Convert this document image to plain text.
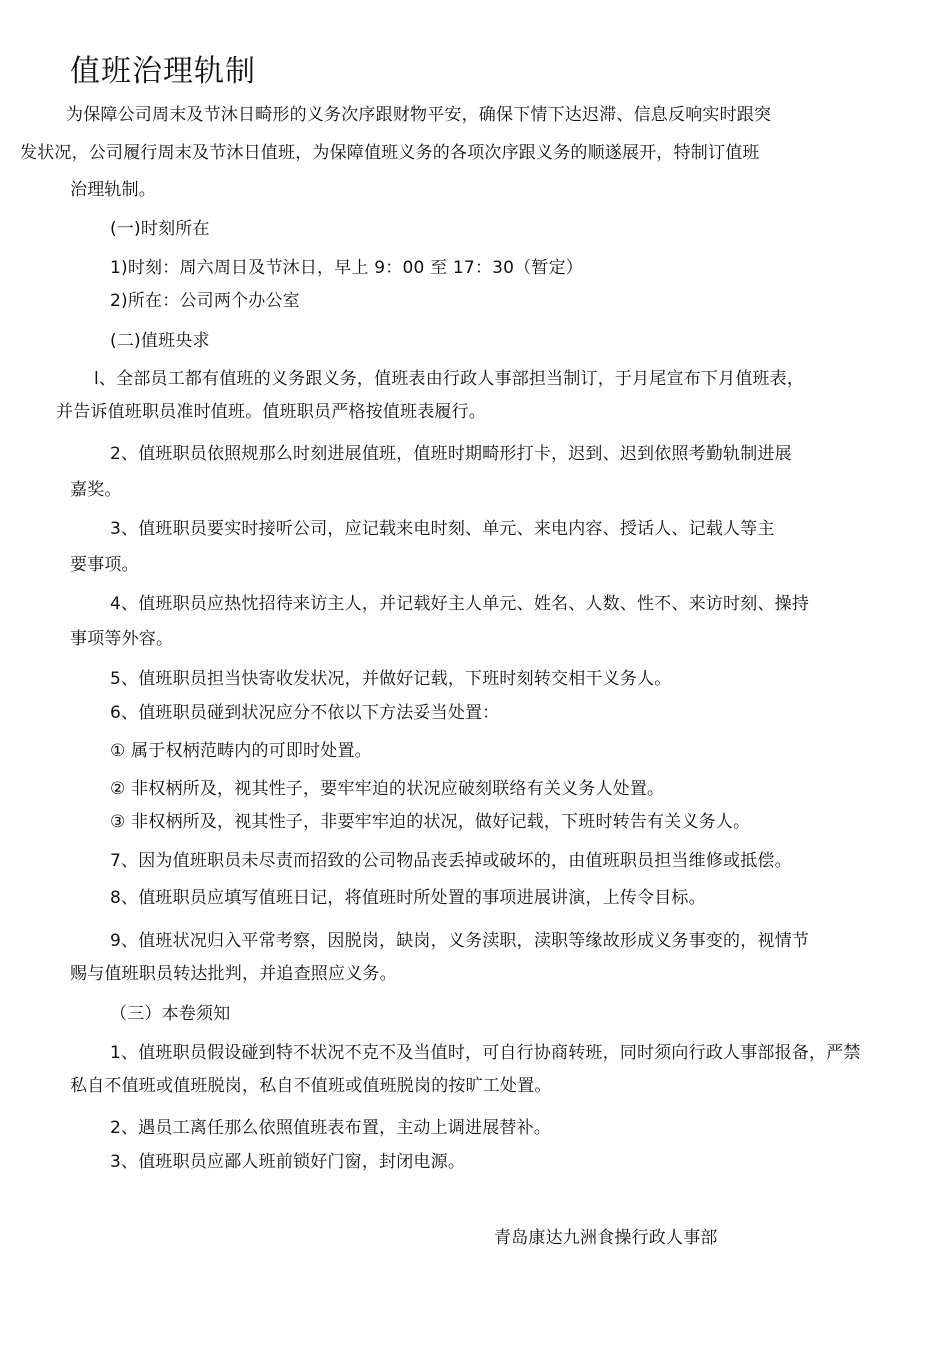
值班治理轨制
为保障公司周末及节沐日畸形的义务次序跟财物平安，确保下情下达迟滞、信息反响实时跟突
发状况，公司履行周末及节沐日值班，为保障值班义务的各项次序跟义务的顺遂展开，特制订值班
治理轨制。
(一)时刻所在
1)时刻：周六周日及节沐日，早上 9：00 至 17：30（暂定）
2)所在：公司两个办公室
(二)值班央求
l、全部员工都有值班的义务跟义务，值班表由行政人事部担当制订，于月尾宣布下月值班表，
并告诉值班职员准时值班。值班职员严格按值班表履行。
2、值班职员依照规那么时刻进展值班，值班时期畸形打卡，迟到、迟到依照考勤轨制进展
嘉奖。
3、值班职员要实时接听公司，应记载来电时刻、单元、来电内容、授话人、记载人等主
要事项。
4、值班职员应热忱招待来访主人，并记载好主人单元、姓名、人数、性不、来访时刻、操持
事项等外容。
5、值班职员担当快寄收发状况，并做好记载，下班时刻转交相干义务人。
6、值班职员碰到状况应分不依以下方法妥当处置：
① 属于权柄范畴内的可即时处置。
② 非权柄所及，视其性子，要牢牢迫的状况应破刻联络有关义务人处置。
③ 非权柄所及，视其性子，非要牢牢迫的状况，做好记载，下班时转告有关义务人。
7、因为值班职员未尽责而招致的公司物品丧丢掉或破坏的，由值班职员担当维修或抵偿。
8、值班职员应填写值班日记，将值班时所处置的事项进展讲演，上传令目标。
9、值班状况归入平常考察，因脱岗，缺岗，义务渎职，渎职等缘故形成义务事变的，视情节
赐与值班职员转达批判，并追查照应义务。
（三）本卷须知
1、值班职员假设碰到特不状况不克不及当值时，可自行协商转班，同时须向行政人事部报备，严禁
私自不值班或值班脱岗，私自不值班或值班脱岗的按旷工处置。
2、遇员工离任那么依照值班表布置，主动上调进展替补。
3、值班职员应鄙人班前锁好门窗，封闭电源。
青岛康达九洲食操行政人事部
